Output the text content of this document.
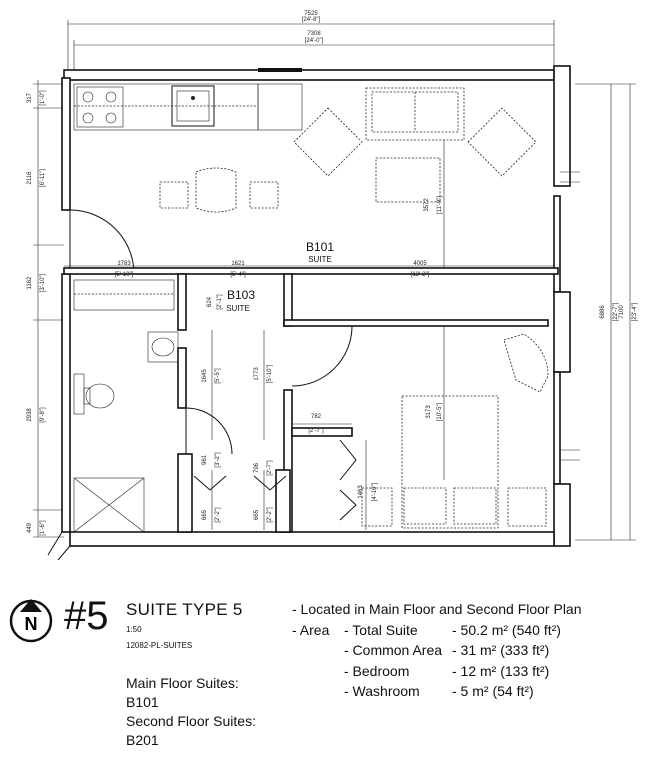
7525
[24'-8"]
7308
[24'-0"]
317 [1'-0"]
2116 [6'-11"]
1162 [3'-10"]
2938 [9'-8"]
449 [1'-6"]
6886 [22'-7"] 7100 [23'-4"]
3572 [11'-9"]
1783
[5'-10"]
1621
[5'-4"]
4005
[13'-2"]
624 [2'-1"]
1645 [5'-5"]
961 [3'-2"]
665 [2'-2"]
1773 [5'-10"]
796 [2'-7"]
665 [2'-2"]
782
[2'-7"]
1463 [4'-10"]
3173 [10'-5"]
B101
SUITE
B103
SUITE
N #5 SUITE TYPE 5
1:50
12082-PL-SUITES
Main Floor Suites:
B101
Second Floor Suites:
B201
- Located in Main Floor and Second Floor Plan
- Area - Total Suite - 50.2 m² (540 ft²)
- Common Area - 31 m² (333 ft²)
- Bedroom	- 12 m² (133 ft²)
- Washroom - 5 m² (54 ft²)
